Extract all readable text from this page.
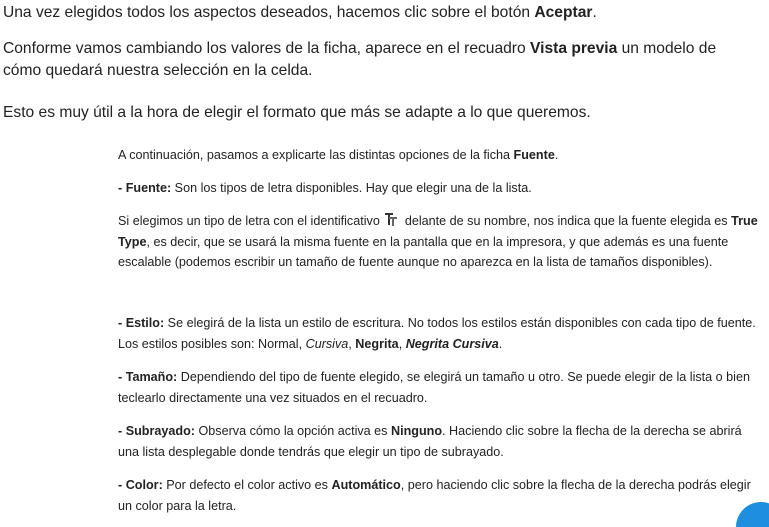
Una vez elegidos todos los aspectos deseados, hacemos clic sobre el botón Aceptar.

Conforme vamos cambiando los valores de la ficha, aparece en el recuadro Vista previa un modelo de cómo quedará nuestra selección en la celda.

Esto es muy útil a la hora de elegir el formato que más se adapte a lo que queremos.

A continuación, pasamos a explicarte las distintas opciones de la ficha Fuente.

- Fuente: Son los tipos de letra disponibles. Hay que elegir una de la lista.

Si elegimos un tipo de letra con el identificativo  delante de su nombre, nos indica que la fuente elegida es True Type, es decir, que se usará la misma fuente en la pantalla que en la impresora, y que además es una fuente escalable (podemos escribir un tamaño de fuente aunque no aparezca en la lista de tamaños disponibles).

- Estilo: Se elegirá de la lista un estilo de escritura. No todos los estilos están disponibles con cada tipo de fuente. Los estilos posibles son: Normal, Cursiva, Negrita, Negrita Cursiva.

- Tamaño: Dependiendo del tipo de fuente elegido, se elegirá un tamaño u otro. Se puede elegir de la lista o bien teclearlo directamente una vez situados en el recuadro.

- Subrayado: Observa cómo la opción activa es Ninguno. Haciendo clic sobre la flecha de la derecha se abrirá una lista desplegable donde tendrás que elegir un tipo de subrayado.

- Color: Por defecto el color activo es Automático, pero haciendo clic sobre la flecha de la derecha podrás elegir un color para la letra.
